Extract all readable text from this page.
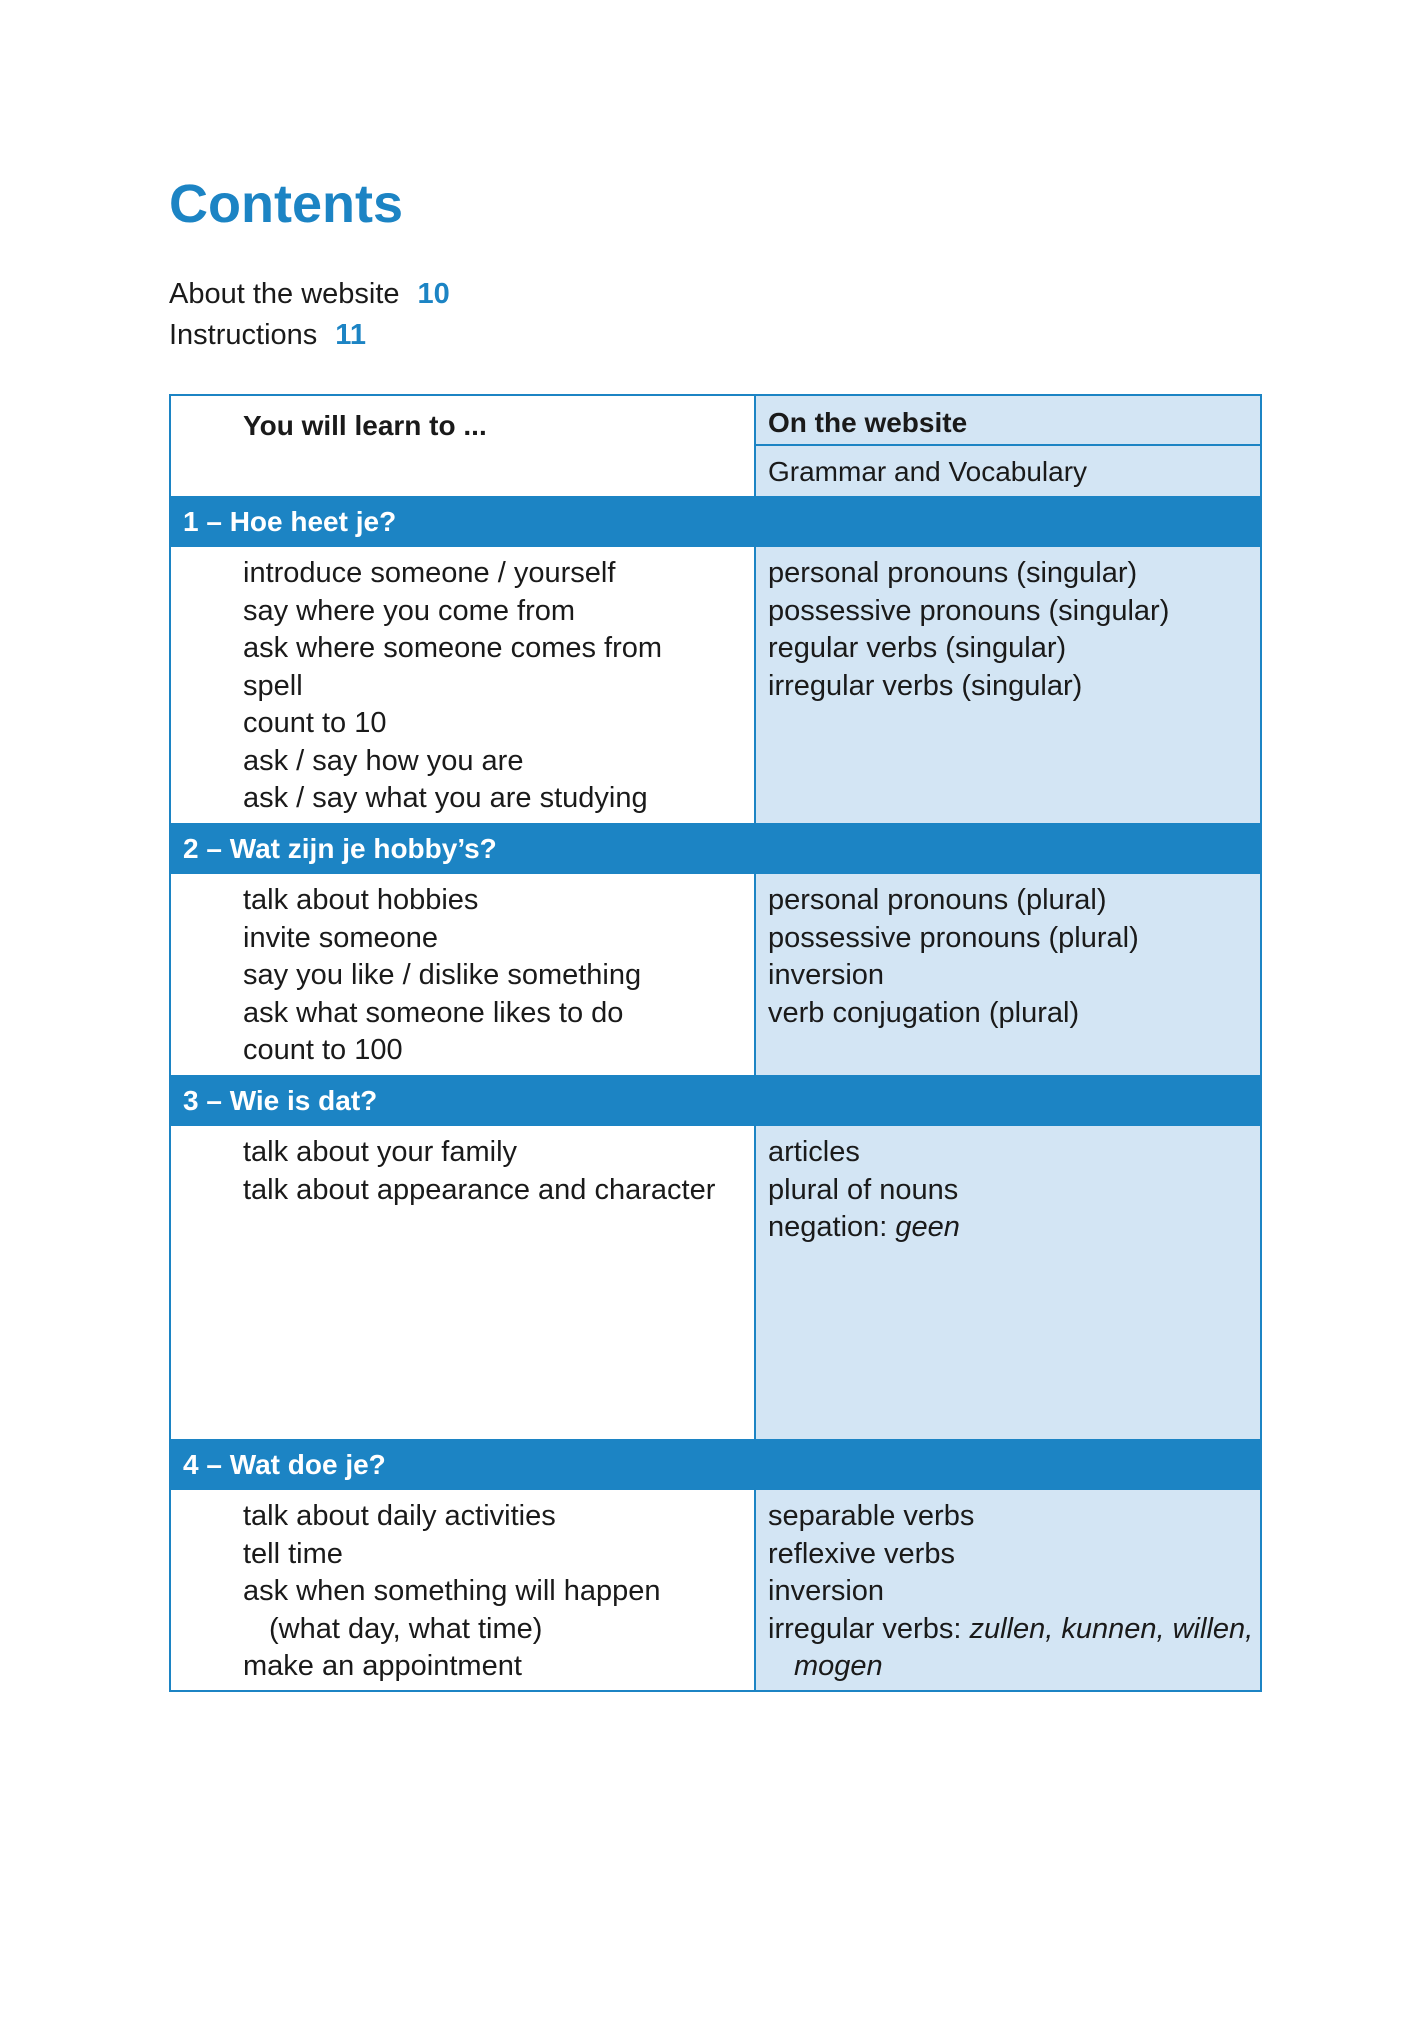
Contents
About the website 10
Instructions 11
You will learn to ...	On the website
Grammar and Vocabulary
1 – Hoe heet je?
introduce someone / yourself
say where you come from
ask where someone comes from
spell
count to 10
ask / say how you are
ask / say what you are studying
personal pronouns (singular)
possessive pronouns (singular)
regular verbs (singular)
irregular verbs (singular)
2 – Wat zijn je hobby’s?
talk about hobbies
invite someone
say you like / dislike something
ask what someone likes to do
count to 100
personal pronouns (plural)
possessive pronouns (plural)
inversion
verb conjugation (plural)
3 – Wie is dat?
talk about your family
talk about appearance and character
articles
plural of nouns
negation: geen
4 – Wat doe je?
talk about daily activities
tell time
ask when something will happen
(what day, what time)
make an appointment
separable verbs
reflexive verbs
inversion
irregular verbs: zullen, kunnen, willen,
mogen
